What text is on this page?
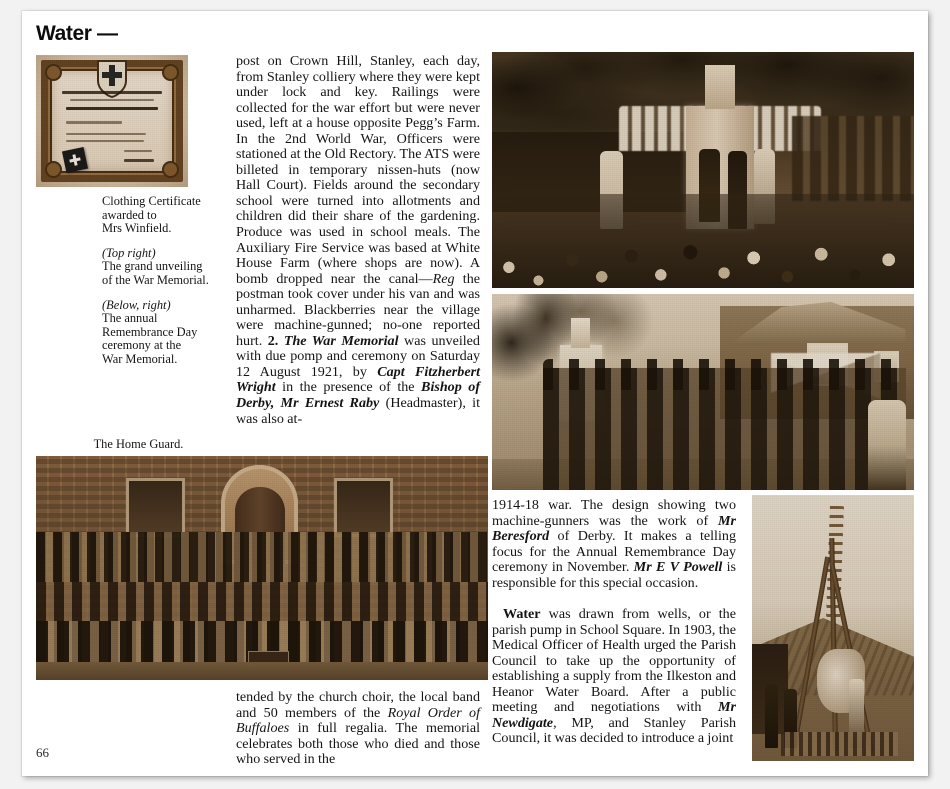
Water —
66

Clothing Certificate
awarded to
Mrs Winfield.

(Top right)
The grand unveiling
of the War Memorial.

(Below, right)
The annual
Remembrance Day
ceremony at the
War Memorial.

The Home Guard.
post on Crown Hill, Stanley, each day, from Stanley colliery where they were kept under lock and key. Railings were collected for the war effort but were never used, left at a house opposite Pegg’s Farm. In the 2nd World War, Officers were stationed at the Old Rectory. The ATS were billeted in temporary nissen-huts (now Hall Court). Fields around the secondary school were turned into allotments and children did their share of the gardening. Produce was used in school meals. The Auxiliary Fire Service was based at White House Farm (where shops are now). A bomb dropped near the canal—Reg the postman took cover under his van and was unharmed. Blackberries near the village were machine-gunned; no-one reported hurt. 2. The War Memorial was unveiled with due pomp and ceremony on Saturday 12 August 1921, by Capt Fitzherbert Wright in the presence of the Bishop of Derby, Mr Ernest Raby (Headmaster), it was also at-
tended by the church choir, the local band and 50 members of the Royal Order of Buffaloes in full regalia. The memorial celebrates both those who died and those who served in the
1914-18 war. The design showing two machine-gunners was the work of Mr Beresford of Derby. It makes a telling focus for the Annual Remembrance Day ceremony in November. Mr E V Powell is responsible for this special occasion.
Water was drawn from wells, or the parish pump in School Square. In 1903, the Medical Officer of Health urged the Parish Council to take up the opportunity of establishing a supply from the Ilkeston and Heanor Water Board. After a public meeting and negotiations with Mr Newdigate, MP, and Stanley Parish Council, it was decided to introduce a joint
